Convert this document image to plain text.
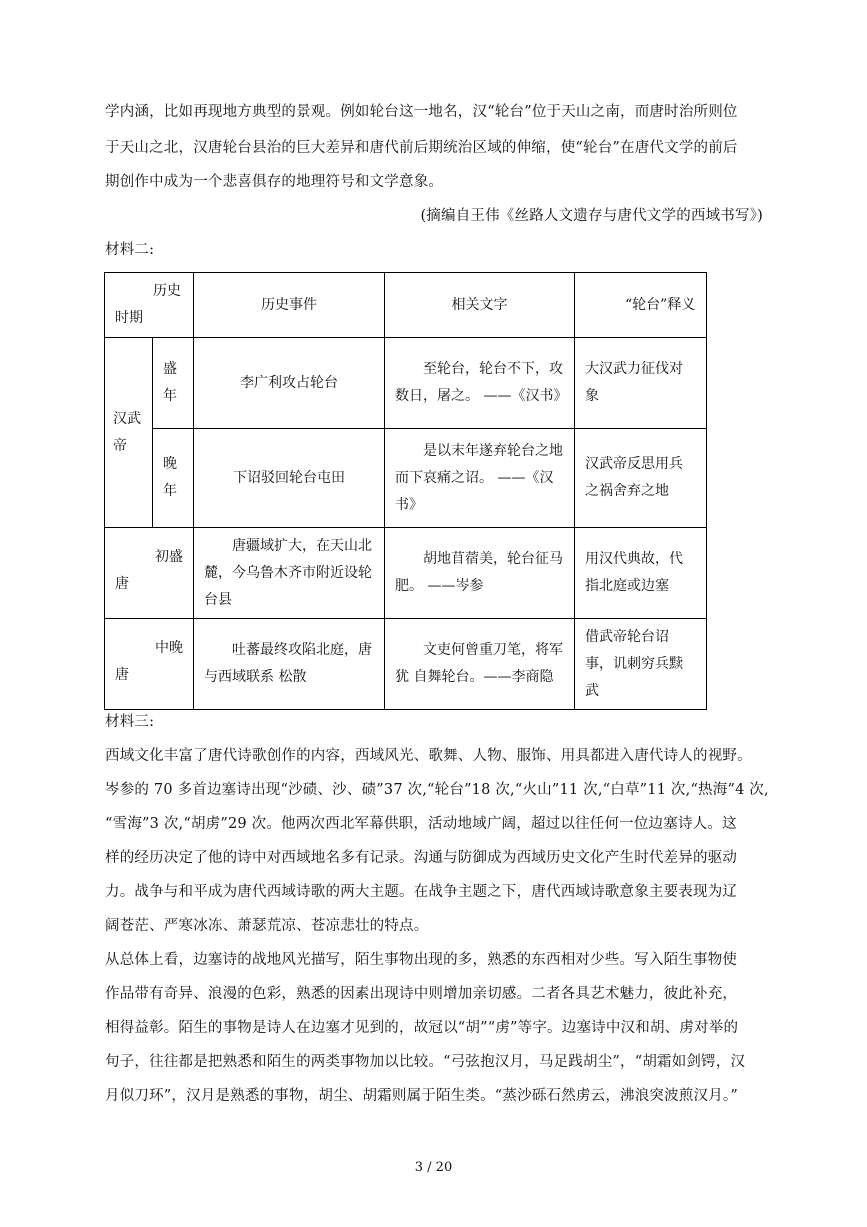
学内涵，比如再现地方典型的景观。例如轮台这一地名，汉“轮台”位于天山之南，而唐时治所则位

于天山之北，汉唐轮台县治的巨大差异和唐代前后期统治区域的伸缩，使“轮台”在唐代文学的前后

期创作中成为一个悲喜俱存的地理符号和文学意象。

(摘编自王伟《丝路人文遗存与唐代文学的西域书写》)

材料二:

历史
时期		历史事件	相关文字	“轮台”释义
汉武帝	盛年	李广利攻占轮台	至轮台，轮台不下，攻数日，屠之。 ——《汉书》	大汉武力征伐对象
	晚年	下诏驳回轮台屯田	是以末年遂弃轮台之地而下哀痛之诏。 ——《汉书》	汉武帝反思用兵之祸舍弃之地

初盛
唐		唐疆域扩大，在天山北麓，今乌鲁木齐市附近设轮台县	胡地苜蓿美，轮台征马肥。 ——岑参	用汉代典故，代指北庭或边塞

中晚
唐		吐蕃最终攻陷北庭，唐与西域联系 松散	文吏何曾重刀笔，将军犹 自舞轮台。——李商隐	借武帝轮台诏事，讥刺穷兵黩武

材料三:

西域文化丰富了唐代诗歌创作的内容，西域风光、歌舞、人物、服饰、用具都进入唐代诗人的视野。

岑参的 70 多首边塞诗出现“沙碛、沙、碛”37 次,“轮台”18 次,“火山”11 次,“白草”11 次,“热海”4 次,

“雪海”3 次,“胡虏”29 次。他两次西北军幕供职，活动地域广阔，超过以往任何一位边塞诗人。这

样的经历决定了他的诗中对西域地名多有记录。沟通与防御成为西域历史文化产生时代差异的驱动

力。战争与和平成为唐代西域诗歌的两大主题。在战争主题之下，唐代西域诗歌意象主要表现为辽

阔苍茫、严寒冰冻、萧瑟荒凉、苍凉悲壮的特点。

从总体上看，边塞诗的战地风光描写，陌生事物出现的多，熟悉的东西相对少些。写入陌生事物使

作品带有奇异、浪漫的色彩，熟悉的因素出现诗中则增加亲切感。二者各具艺术魅力，彼此补充，

相得益彰。陌生的事物是诗人在边塞才见到的，故冠以“胡”“虏”等字。边塞诗中汉和胡、虏对举的

句子，往往都是把熟悉和陌生的两类事物加以比较。“弓弦抱汉月，马足践胡尘”，“胡霜如剑锷，汉

月似刀环”，汉月是熟悉的事物，胡尘、胡霜则属于陌生类。“蒸沙砾石然虏云，沸浪突波煎汉月。”

3 / 20
